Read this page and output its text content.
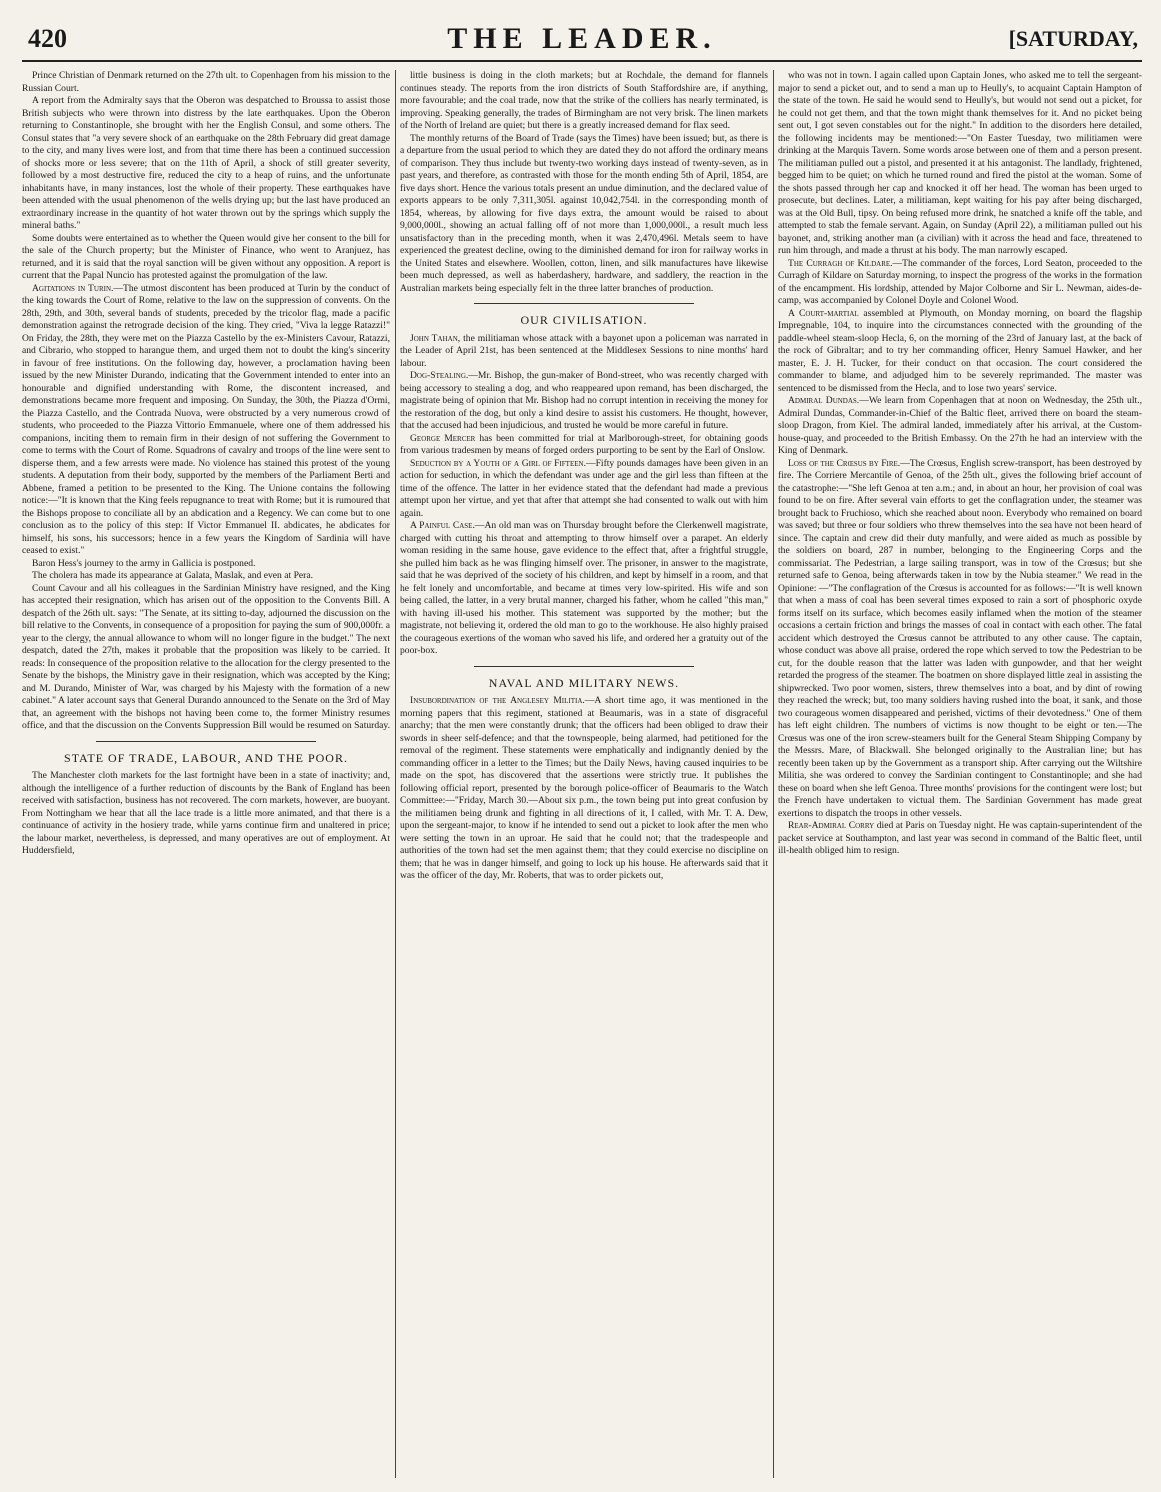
420	THE LEADER.	[SATURDAY,

Prince Christian of Denmark returned on the 27th ult. to Copenhagen from his mission to the Russian Court.

A report from the Admiralty says that the Oberon was despatched to Broussa to assist those British subjects who were thrown into distress by the late earthquakes. Upon the Oberon returning to Constantinople, she brought with her the English Consul, and some others. The Consul states that "a very severe shock of an earthquake on the 28th February did great damage to the city, and many lives were lost, and from that time there has been a continued succession of shocks more or less severe; that on the 11th of April, a shock of still greater severity, followed by a most destructive fire, reduced the city to a heap of ruins, and the unfortunate inhabitants have, in many instances, lost the whole of their property. These earthquakes have been attended with the usual phenomenon of the wells drying up; but the last have produced an extraordinary increase in the quantity of hot water thrown out by the springs which supply the mineral baths."

Some doubts were entertained as to whether the Queen would give her consent to the bill for the sale of the Church property; but the Minister of Finance, who went to Aranjuez, has returned, and it is said that the royal sanction will be given without any opposition. A report is current that the Papal Nuncio has protested against the promulgation of the law.

Agitations in Turin.—The utmost discontent has been produced at Turin by the conduct of the king towards the Court of Rome, relative to the law on the suppression of convents. On the 28th, 29th, and 30th, several bands of students, preceded by the tricolor flag, made a pacific demonstration against the retrograde decision of the king. They cried, "Viva la legge Ratazzi!" On Friday, the 28th, they were met on the Piazza Castello by the ex-Ministers Cavour, Ratazzi, and Cibrario, who stopped to harangue them, and urged them not to doubt the king's sincerity in favour of free institutions. On the following day, however, a proclamation having been issued by the new Minister Durando, indicating that the Government intended to enter into an honourable and dignified understanding with Rome, the discontent increased, and demonstrations became more frequent and imposing. On Sunday, the 30th, the Piazza d'Ormi, the Piazza Castello, and the Contrada Nuova, were obstructed by a very numerous crowd of students, who proceeded to the Piazza Vittorio Emmanuele, where one of them addressed his companions, inciting them to remain firm in their design of not suffering the Government to come to terms with the Court of Rome. Squadrons of cavalry and troops of the line were sent to disperse them, and a few arrests were made. No violence has stained this protest of the young students. A deputation from their body, supported by the members of the Parliament Berti and Abbene, framed a petition to be presented to the King. The Unione contains the following notice:—"It is known that the King feels repugnance to treat with Rome; but it is rumoured that the Bishops propose to conciliate all by an abdication and a Regency. We can come but to one conclusion as to the policy of this step: If Victor Emmanuel II. abdicates, he abdicates for himself, his sons, his successors; hence in a few years the Kingdom of Sardinia will have ceased to exist."

Baron Hess's journey to the army in Gallicia is postponed.

The cholera has made its appearance at Galata, Maslak, and even at Pera.

Count Cavour and all his colleagues in the Sardinian Ministry have resigned, and the King has accepted their resignation, which has arisen out of the opposition to the Convents Bill. A despatch of the 26th ult. says: "The Senate, at its sitting to-day, adjourned the discussion on the bill relative to the Convents, in consequence of a proposition for paying the sum of 900,000fr. a year to the clergy, the annual allowance to whom will no longer figure in the budget." The next despatch, dated the 27th, makes it probable that the proposition was likely to be carried. It reads: In consequence of the proposition relative to the allocation for the clergy presented to the Senate by the bishops, the Ministry gave in their resignation, which was accepted by the King; and M. Durando, Minister of War, was charged by his Majesty with the formation of a new cabinet." A later account says that General Durando announced to the Senate on the 3rd of May that, an agreement with the bishops not having been come to, the former Ministry resumes office, and that the discussion on the Convents Suppression Bill would be resumed on Saturday.

STATE OF TRADE, LABOUR, AND THE POOR.

The Manchester cloth markets for the last fortnight have been in a state of inactivity; and, although the intelligence of a further reduction of discounts by the Bank of England has been received with satisfaction, business has not recovered. The corn markets, however, are buoyant. From Nottingham we hear that all the lace trade is a little more animated, and that there is a continuance of activity in the hosiery trade, while yarns continue firm and unaltered in price; the labour market, nevertheless, is depressed, and many operatives are out of employment. At Huddersfield,

little business is doing in the cloth markets; but at Rochdale, the demand for flannels continues steady. The reports from the iron districts of South Staffordshire are, if anything, more favourable; and the coal trade, now that the strike of the colliers has nearly terminated, is improving. Speaking generally, the trades of Birmingham are not very brisk. The linen markets of the North of Ireland are quiet; but there is a greatly increased demand for flax seed.

The monthly returns of the Board of Trade (says the Times) have been issued; but, as there is a departure from the usual period to which they are dated they do not afford the ordinary means of comparison. They thus include but twenty-two working days instead of twenty-seven, as in past years, and therefore, as contrasted with those for the month ending 5th of April, 1854, are five days short. Hence the various totals present an undue diminution, and the declared value of exports appears to be only 7,311,305l. against 10,042,754l. in the corresponding month of 1854, whereas, by allowing for five days extra, the amount would be raised to about 9,000,000l., showing an actual falling off of not more than 1,000,000l., a result much less unsatisfactory than in the preceding month, when it was 2,470,496l. Metals seem to have experienced the greatest decline, owing to the diminished demand for iron for railway works in the United States and elsewhere. Woollen, cotton, linen, and silk manufactures have likewise been much depressed, as well as haberdashery, hardware, and saddlery, the reaction in the Australian markets being especially felt in the three latter branches of production.

OUR CIVILISATION.

John Tahan, the militiaman whose attack with a bayonet upon a policeman was narrated in the Leader of April 21st, has been sentenced at the Middlesex Sessions to nine months' hard labour.

Dog-Stealing.—Mr. Bishop, the gun-maker of Bond-street, who was recently charged with being accessory to stealing a dog, and who reappeared upon remand, has been discharged, the magistrate being of opinion that Mr. Bishop had no corrupt intention in receiving the money for the restoration of the dog, but only a kind desire to assist his customers. He thought, however, that the accused had been injudicious, and trusted he would be more careful in future.

George Mercer has been committed for trial at Marlborough-street, for obtaining goods from various tradesmen by means of forged orders purporting to be sent by the Earl of Onslow.

Seduction by a Youth of a Girl of Fifteen.—Fifty pounds damages have been given in an action for seduction, in which the defendant was under age and the girl less than fifteen at the time of the offence. The latter in her evidence stated that the defendant had made a previous attempt upon her virtue, and yet that after that attempt she had consented to walk out with him again.

A Painful Case.—An old man was on Thursday brought before the Clerkenwell magistrate, charged with cutting his throat and attempting to throw himself over a parapet. An elderly woman residing in the same house, gave evidence to the effect that, after a frightful struggle, she pulled him back as he was flinging himself over. The prisoner, in answer to the magistrate, said that he was deprived of the society of his children, and kept by himself in a room, and that he felt lonely and uncomfortable, and became at times very low-spirited. His wife and son being called, the latter, in a very brutal manner, charged his father, whom he called "this man," with having ill-used his mother. This statement was supported by the mother; but the magistrate, not believing it, ordered the old man to go to the workhouse. He also highly praised the courageous exertions of the woman who saved his life, and ordered her a gratuity out of the poor-box.

NAVAL AND MILITARY NEWS.

Insubordination of the Anglesey Militia.—A short time ago, it was mentioned in the morning papers that this regiment, stationed at Beaumaris, was in a state of disgraceful anarchy; that the men were constantly drunk; that the officers had been obliged to draw their swords in sheer self-defence; and that the townspeople, being alarmed, had petitioned for the removal of the regiment. These statements were emphatically and indignantly denied by the commanding officer in a letter to the Times; but the Daily News, having caused inquiries to be made on the spot, has discovered that the assertions were strictly true. It publishes the following official report, presented by the borough police-officer of Beaumaris to the Watch Committee:—"Friday, March 30.—About six p.m., the town being put into great confusion by the militiamen being drunk and fighting in all directions of it, I called, with Mr. T. A. Dew, upon the sergeant-major, to know if he intended to send out a picket to look after the men who were setting the town in an uproar. He said that he could not; that the tradespeople and authorities of the town had set the men against them; that they could exercise no discipline on them; that he was in danger himself, and going to lock up his house. He afterwards said that it was the officer of the day, Mr. Roberts, that was to order pickets out,

who was not in town. I again called upon Captain Jones, who asked me to tell the sergeant-major to send a picket out, and to send a man up to Heully's, to acquaint Captain Hampton of the state of the town. He said he would send to Heully's, but would not send out a picket, for he could not get them, and that the town might thank themselves for it. And no picket being sent out, I got seven constables out for the night." In addition to the disorders here detailed, the following incidents may be mentioned:—"On Easter Tuesday, two militiamen were drinking at the Marquis Tavern. Some words arose between one of them and a person present. The militiaman pulled out a pistol, and presented it at his antagonist. The landlady, frightened, begged him to be quiet; on which he turned round and fired the pistol at the woman. Some of the shots passed through her cap and knocked it off her head. The woman has been urged to prosecute, but declines. Later, a militiaman, kept waiting for his pay after being discharged, was at the Old Bull, tipsy. On being refused more drink, he snatched a knife off the table, and attempted to stab the female servant. Again, on Sunday (April 22), a militiaman pulled out his bayonet, and, striking another man (a civilian) with it across the head and face, threatened to run him through, and made a thrust at his body. The man narrowly escaped.

The Curragh of Kildare.—The commander of the forces, Lord Seaton, proceeded to the Curragh of Kildare on Saturday morning, to inspect the progress of the works in the formation of the encampment. His lordship, attended by Major Colborne and Sir L. Newman, aides-de-camp, was accompanied by Colonel Doyle and Colonel Wood.

A Court-martial assembled at Plymouth, on Monday morning, on board the flagship Impregnable, 104, to inquire into the circumstances connected with the grounding of the paddle-wheel steam-sloop Hecla, 6, on the morning of the 23rd of January last, at the back of the rock of Gibraltar; and to try her commanding officer, Henry Samuel Hawker, and her master, E. J. H. Tucker, for their conduct on that occasion. The court considered the commander to blame, and adjudged him to be severely reprimanded. The master was sentenced to be dismissed from the Hecla, and to lose two years' service.

Admiral Dundas.—We learn from Copenhagen that at noon on Wednesday, the 25th ult., Admiral Dundas, Commander-in-Chief of the Baltic fleet, arrived there on board the steam-sloop Dragon, from Kiel. The admiral landed, immediately after his arrival, at the Custom-house-quay, and proceeded to the British Embassy. On the 27th he had an interview with the King of Denmark.

Loss of the Crœsus by Fire.—The Crœsus, English screw-transport, has been destroyed by fire. The Corriere Mercantile of Genoa, of the 25th ult., gives the following brief account of the catastrophe:—"She left Genoa at ten a.m.; and, in about an hour, her provision of coal was found to be on fire. After several vain efforts to get the conflagration under, the steamer was brought back to Fruchioso, which she reached about noon. Everybody who remained on board was saved; but three or four soldiers who threw themselves into the sea have not been heard of since. The captain and crew did their duty manfully, and were aided as much as possible by the soldiers on board, 287 in number, belonging to the Engineering Corps and the commissariat. The Pedestrian, a large sailing transport, was in tow of the Crœsus; but she returned safe to Genoa, being afterwards taken in tow by the Nubia steamer." We read in the Opinione: —"The conflagration of the Crœsus is accounted for as follows:—"It is well known that when a mass of coal has been several times exposed to rain a sort of phosphoric oxyde forms itself on its surface, which becomes easily inflamed when the motion of the steamer occasions a certain friction and brings the masses of coal in contact with each other. The fatal accident which destroyed the Crœsus cannot be attributed to any other cause. The captain, whose conduct was above all praise, ordered the rope which served to tow the Pedestrian to be cut, for the double reason that the latter was laden with gunpowder, and that her weight retarded the progress of the steamer. The boatmen on shore displayed little zeal in assisting the shipwrecked. Two poor women, sisters, threw themselves into a boat, and by dint of rowing they reached the wreck; but, too many soldiers having rushed into the boat, it sank, and those two courageous women disappeared and perished, victims of their devotedness." One of them has left eight children. The numbers of victims is now thought to be eight or ten.—The Crœsus was one of the iron screw-steamers built for the General Steam Shipping Company by the Messrs. Mare, of Blackwall. She belonged originally to the Australian line; but has recently been taken up by the Government as a transport ship. After carrying out the Wiltshire Militia, she was ordered to convey the Sardinian contingent to Constantinople; and she had these on board when she left Genoa. Three months' provisions for the contingent were lost; but the French have undertaken to victual them. The Sardinian Government has made great exertions to dispatch the troops in other vessels.

Rear-Admiral Corry died at Paris on Tuesday night. He was captain-superintendent of the packet service at Southampton, and last year was second in command of the Baltic fleet, until ill-health obliged him to resign.
